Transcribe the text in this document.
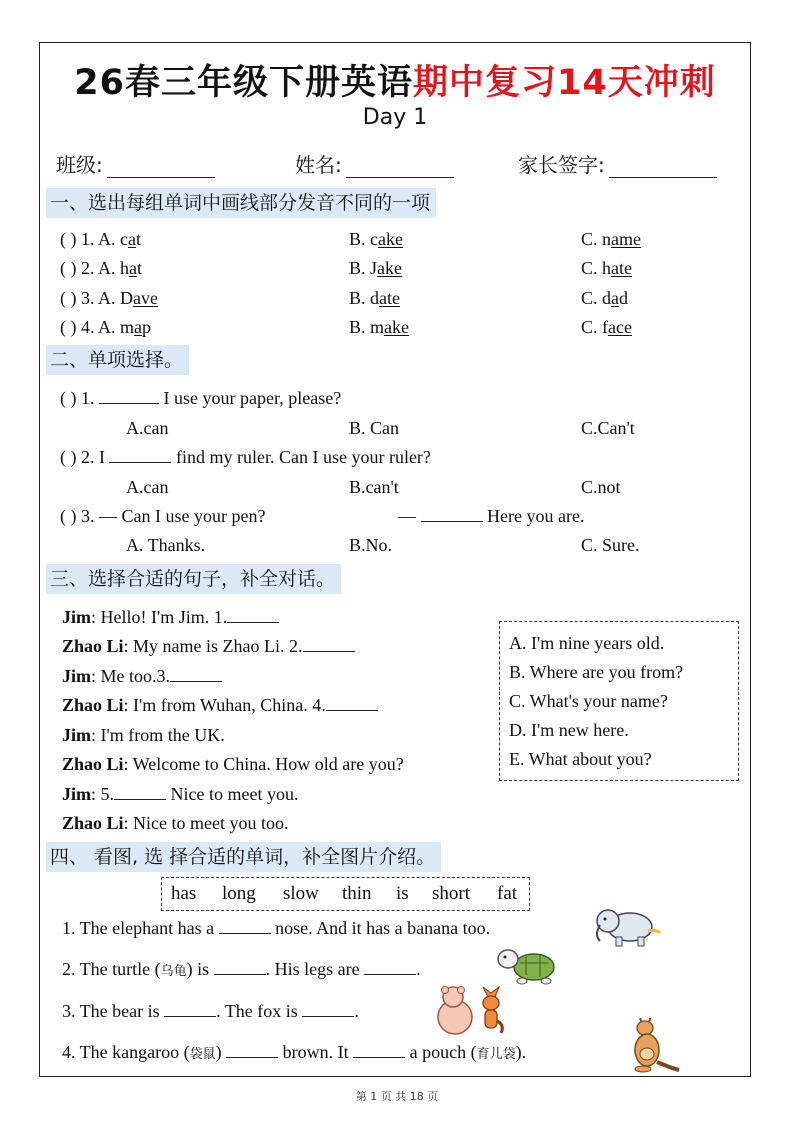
26春三年级下册英语期中复习14天冲刺
Day 1
班级:	姓名:	家长签字:
一、选出每组单词中画线部分发音不同的一项
( ) 1. A. cat	B. cake	C. name
( ) 2. A. hat	B. Jake	C. hate
( ) 3. A. Dave	B. date	C. dad
( ) 4. A. map	B. make	C. face
二、单项选择。
( ) 1.	I use your paper, please?
A.can	B. Can	C.Can't
( ) 2. I	find my ruler. Can I use your ruler?
A.can	B.can't	C.not
( ) 3. — Can I use your pen?	—	Here you are.
A. Thanks.	B.No.	C. Sure.
三、选择合适的句子，补全对话。
Jim: Hello! I'm Jim. 1.
Zhao Li: My name is Zhao Li. 2.
Jim: Me too.3.
Zhao Li: I'm from Wuhan, China. 4.
Jim: I'm from the UK.
Zhao Li: Welcome to China. How old are you?
Jim: 5.	Nice to meet you.
Zhao Li: Nice to meet you too.
A. I'm nine years old.
B. Where are you from?
C. What's your name?
D. I'm new here.
E. What about you?
四、 看图, 选 择合适的单词，补全图片介绍。
has long slow thin is short fat
1. The elephant has a	nose. And it has a banana too.
2. The turtle (乌龟) is	. His legs are	.
3. The bear is	. The fox is	.
4. The kangaroo (袋鼠)	brown. It	a pouch (育儿袋).
第 1 页 共 18 页
